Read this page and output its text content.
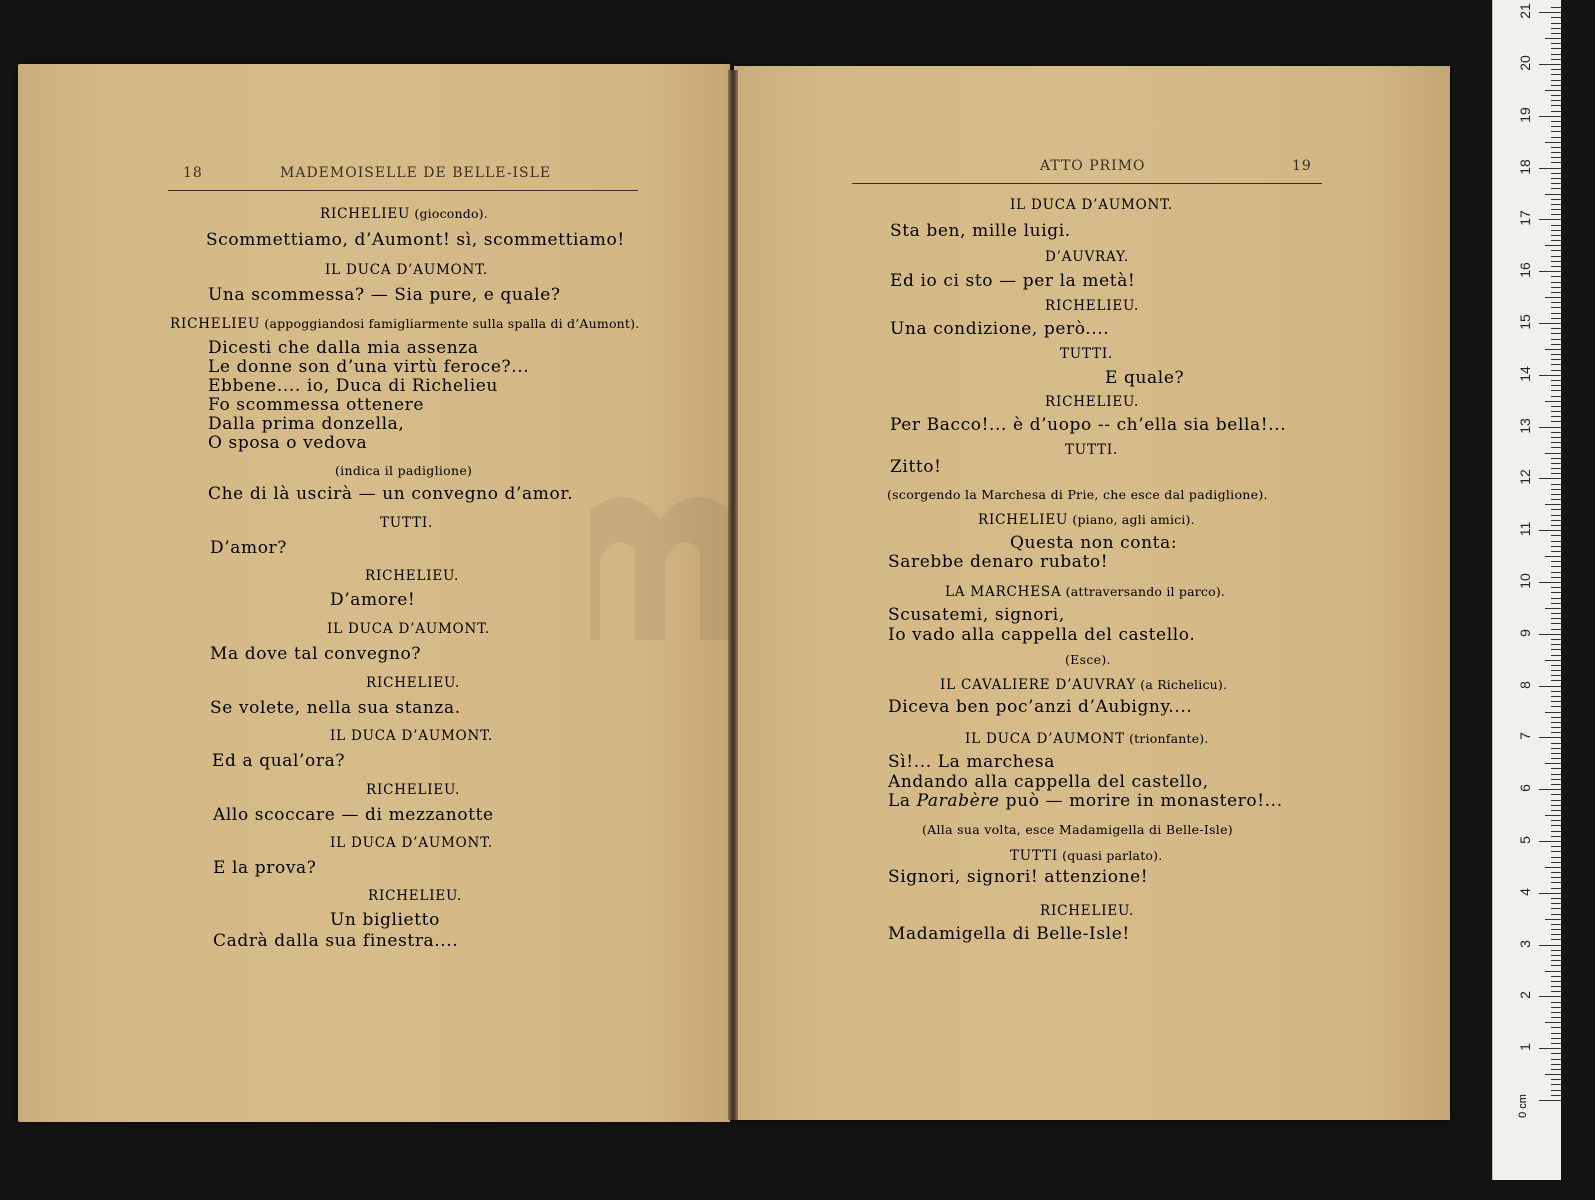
18	MADEMOISELLE DE BELLE-ISLE	ATTO PRIMO	19
RICHELIEU (giocondo).
Scommettiamo, d’Aumont! sì, scommettiamo!
IL DUCA D’AUMONT.
Una scommessa? — Sia pure, e quale?
RICHELIEU (appoggiandosi famigliarmente sulla spalla di d’Aumont).
Dicesti che dalla mia assenza
Le donne son d’una virtù feroce?...
Ebbene.... io, Duca di Richelieu
Fo scommessa ottenere
Dalla prima donzella,
O sposa o vedova
(indica il padiglione)
Che di là uscirà — un convegno d’amor.
TUTTI.
D’amor?
RICHELIEU.
D’amore!
IL DUCA D’AUMONT.
Ma dove tal convegno?
RICHELIEU.
Se volete, nella sua stanza.
IL DUCA D’AUMONT.
Ed a qual’ora?
RICHELIEU.
Allo scoccare — di mezzanotte
IL DUCA D’AUMONT.
E la prova?
RICHELIEU.
Un biglietto
Cadrà dalla sua finestra....
IL DUCA D’AUMONT.
Sta ben, mille luigi.
D’AUVRAY.
Ed io ci sto — per la metà!
RICHELIEU.
Una condizione, però....
TUTTI.
E quale?
RICHELIEU.
Per Bacco!... è d’uopo -- ch’ella sia bella!...
TUTTI.
Zitto!
(scorgendo la Marchesa di Prie, che esce dal padiglione).
RICHELIEU (piano, agli amici).
Questa non conta:
Sarebbe denaro rubato!
LA MARCHESA (attraversando il parco).
Scusatemi, signori,
Io vado alla cappella del castello.
(Esce).
IL CAVALIERE D’AUVRAY (a Richelicu).
Diceva ben poc’anzi d’Aubigny....
IL DUCA D’AUMONT (trionfante).
Sì!... La marchesa
Andando alla cappella del castello,
La Parabère può — morire in monastero!...
(Alla sua volta, esce Madamigella di Belle-Isle)
TUTTI (quasi parlato).
Signori, signori! attenzione!
RICHELIEU.
Madamigella di Belle-Isle!
0 cm
1
2
3
4
5
6
7
8
9
10
11
12
13
14
15
16
17
18
19
20
21
